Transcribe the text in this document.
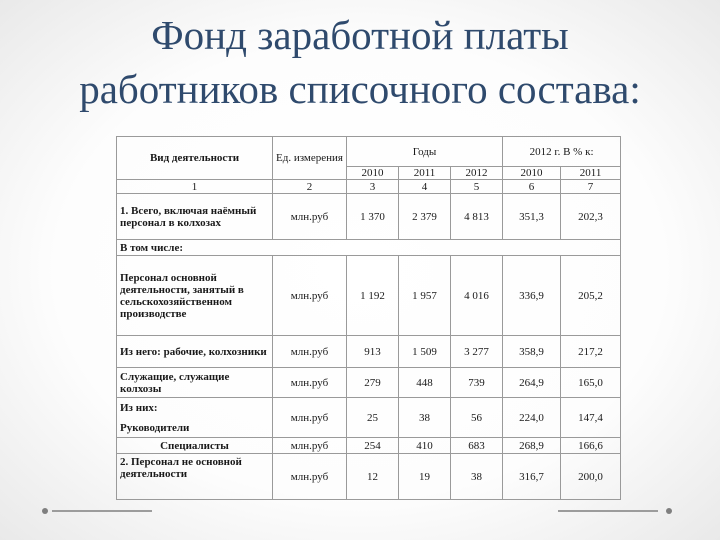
Фонд заработной платы
работников списочного состава:
Вид деятельности	Ед. измерения	Годы			2012 г. В % к:	
		2010	2011	2012	2010	2011
1	2	3	4	5	6	7
1. Всего, включая наёмный персонал в колхозах	млн.руб	1 370	2 379	4 813	351,3	202,3
В том числе:						
Персонал основной деятельности, занятый в сельскохозяйственном производстве	млн.руб	1 192	1 957	4 016	336,9	205,2
Из него: рабочие, колхозники	млн.руб	913	1 509	3 277	358,9	217,2
Служащие, служащие колхозы	млн.руб	279	448	739	264,9	165,0

Из них:
Руководители	млн.руб	25	38	56	224,0	147,4
Специалисты	млн.руб	254	410	683	268,9	166,6
2. Персонал не основной деятельности	млн.руб	12	19	38	316,7	200,0
